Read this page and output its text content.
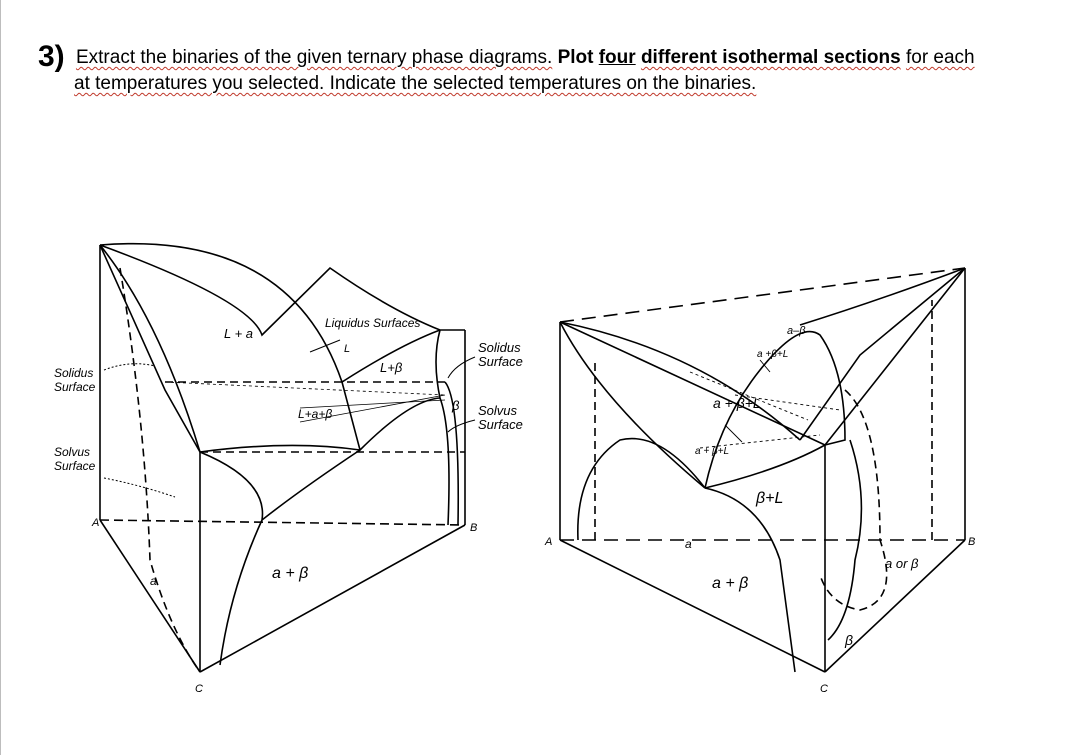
3) Extract the binaries of the given ternary phase diagrams. Plot four different isothermal sections for each
at temperatures you selected. Indicate the selected temperatures on the binaries.
L + a
Liquidus Surfaces
L
L+β
Solidus
Surface
Solidus
Surface
L+a+β
β Solvus
Surface
Solvus
Surface
A	B
C
a	a + β
a–β
a +β+L
a + β+L
a + β+L
β+L
A	B
C
a
a + β
a or β
β
